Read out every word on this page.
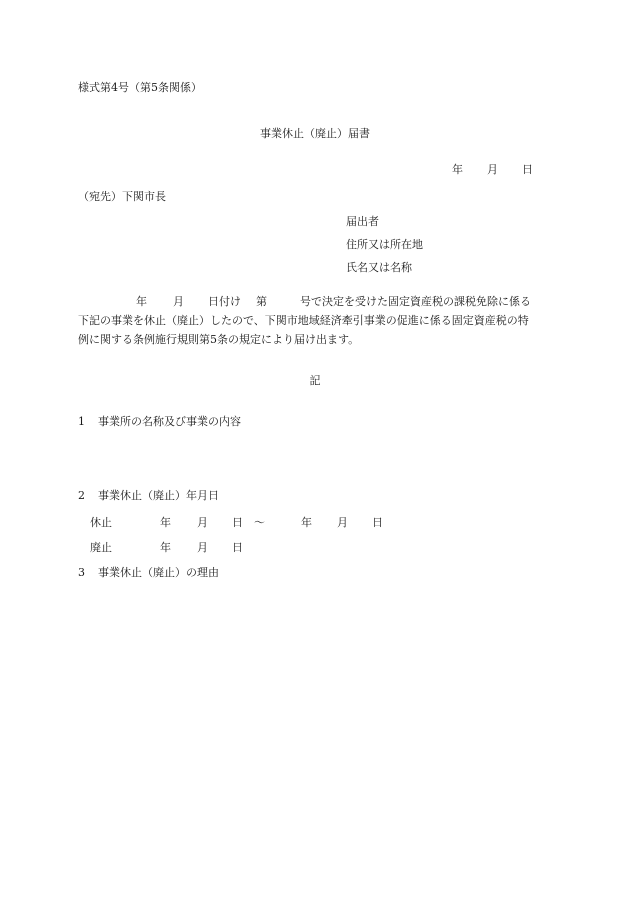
様式第4号（第5条関係）
事業休止（廃止）届書
年 月 日
（宛先）下関市長
届出者
住所又は所在地
氏名又は名称
年 月 日付け 第	号で決定を受けた固定資産税の課税免除に係る
下記の事業を休止（廃止）したので、下関市地域経済牽引事業の促進に係る固定資産税の特
例に関する条例施行規則第5条の規定により届け出ます。
記
1 事業所の名称及び事業の内容
2 事業休止（廃止）年月日
休止	年 月 日 ～	年 月 日
廃止	年 月 日
3 事業休止（廃止）の理由
